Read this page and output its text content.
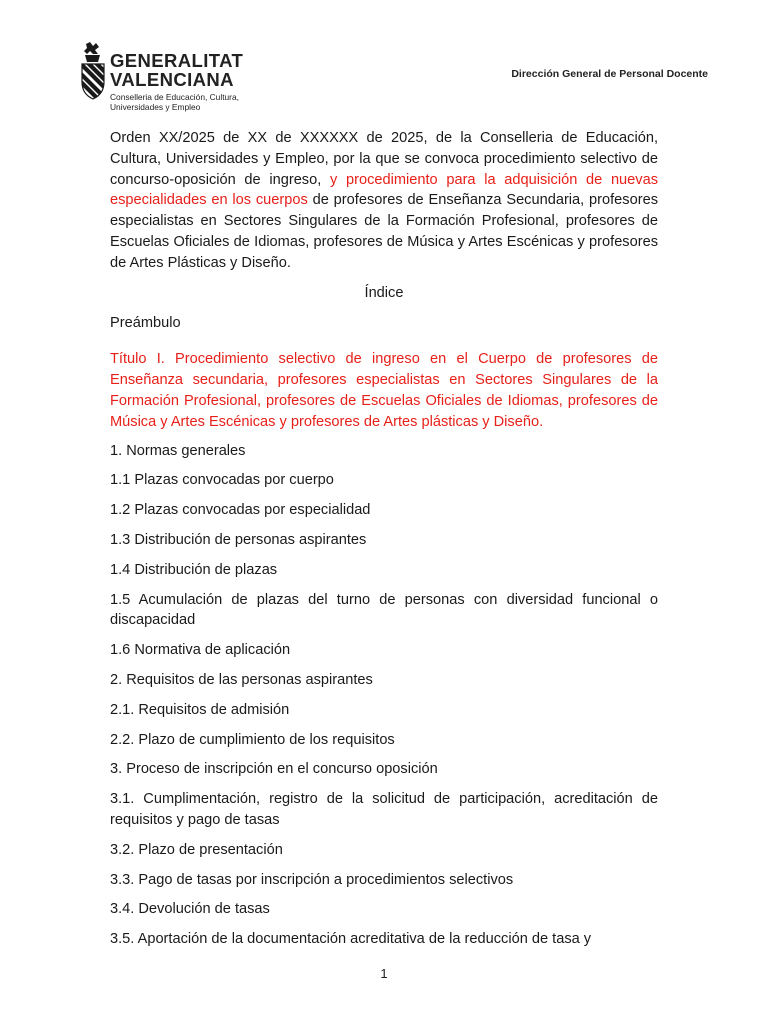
GENERALITAT
VALENCIANA
Conselleria de Educación, Cultura,
Universidades y Empleo
Dirección General de Personal Docente

Orden XX/2025 de XX de XXXXXX de 2025, de la Conselleria de Educación, Cultura, Universidades y Empleo, por la que se convoca procedimiento selectivo de concurso-oposición de ingreso, y procedimiento para la adquisición de nuevas especialidades en los cuerpos de profesores de Enseñanza Secundaria, profesores especialistas en Sectores Singulares de la Formación Profesional, profesores de Escuelas Oficiales de Idiomas, profesores de Música y Artes Escénicas y profesores de Artes Plásticas y Diseño.

Índice

Preámbulo

Título I. Procedimiento selectivo de ingreso en el Cuerpo de profesores de Enseñanza secundaria, profesores especialistas en Sectores Singulares de la Formación Profesional, profesores de Escuelas Oficiales de Idiomas, profesores de Música y Artes Escénicas y profesores de Artes plásticas y Diseño.

1. Normas generales

1.1 Plazas convocadas por cuerpo

1.2 Plazas convocadas por especialidad

1.3 Distribución de personas aspirantes

1.4 Distribución de plazas

1.5 Acumulación de plazas del turno de personas con diversidad funcional o discapacidad

1.6 Normativa de aplicación

2. Requisitos de las personas aspirantes

2.1. Requisitos de admisión

2.2. Plazo de cumplimiento de los requisitos

3. Proceso de inscripción en el concurso oposición

3.1. Cumplimentación, registro de la solicitud de participación, acreditación de requisitos y pago de tasas

3.2. Plazo de presentación

3.3. Pago de tasas por inscripción a procedimientos selectivos

3.4. Devolución de tasas

3.5. Aportación de la documentación acreditativa de la reducción de tasa y

1
